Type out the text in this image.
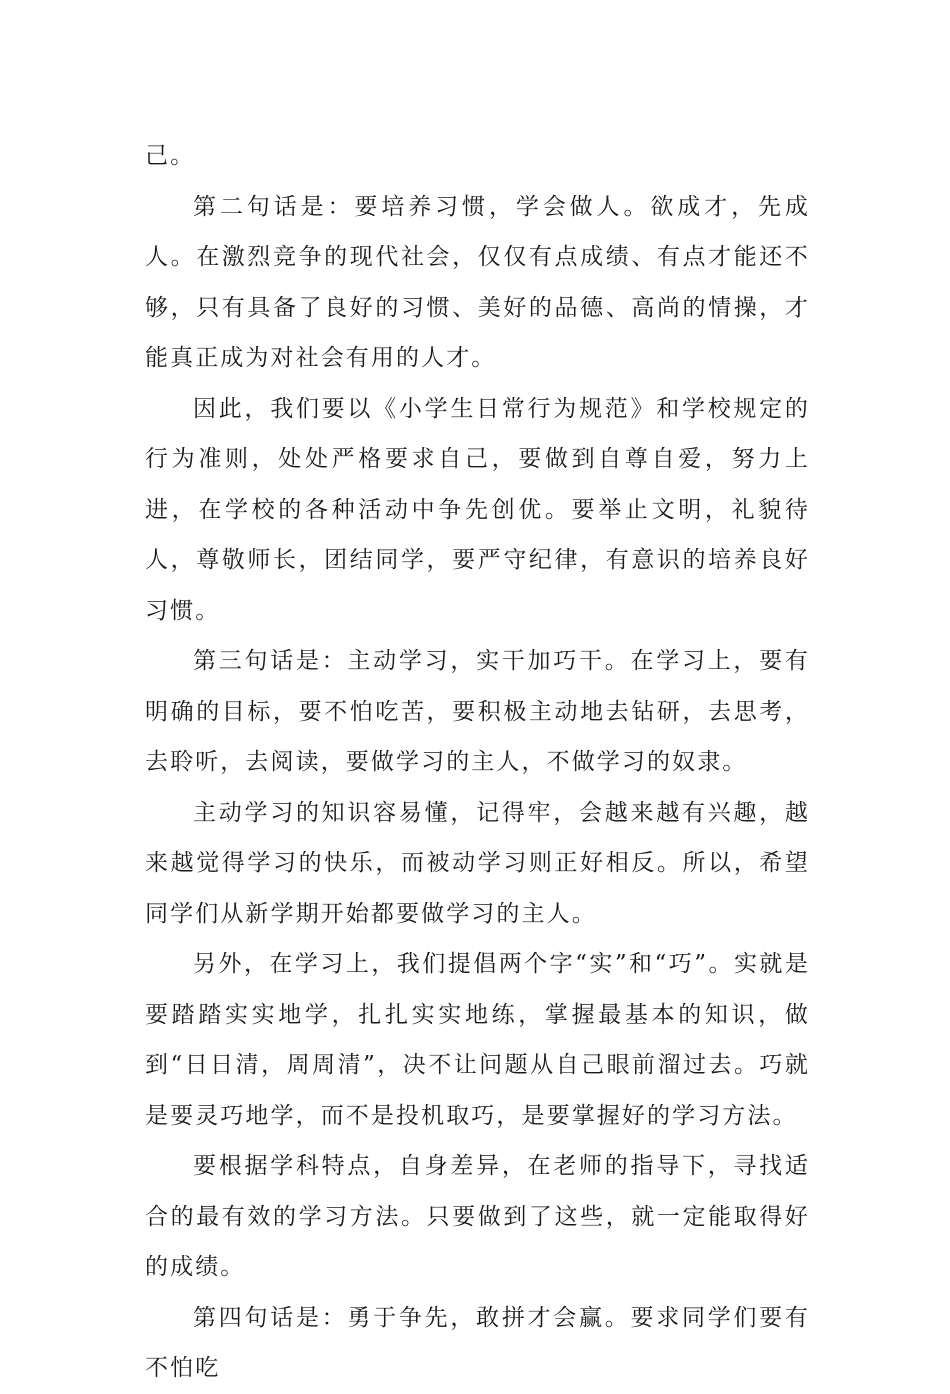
己。

第二句话是：要培养习惯，学会做人。欲成才，先成人。在激烈竞争的现代社会，仅仅有点成绩、有点才能还不够，只有具备了良好的习惯、美好的品德、高尚的情操，才能真正成为对社会有用的人才。

因此，我们要以《小学生日常行为规范》和学校规定的行为准则，处处严格要求自己，要做到自尊自爱，努力上进，在学校的各种活动中争先创优。要举止文明，礼貌待人，尊敬师长，团结同学，要严守纪律，有意识的培养良好习惯。

第三句话是：主动学习，实干加巧干。在学习上，要有明确的目标，要不怕吃苦，要积极主动地去钻研，去思考，去聆听，去阅读，要做学习的主人，不做学习的奴隶。

主动学习的知识容易懂，记得牢，会越来越有兴趣，越来越觉得学习的快乐，而被动学习则正好相反。所以，希望同学们从新学期开始都要做学习的主人。

另外，在学习上，我们提倡两个字“实”和“巧”。实就是要踏踏实实地学，扎扎实实地练，掌握最基本的知识，做到“日日清，周周清”，决不让问题从自己眼前溜过去。巧就是要灵巧地学，而不是投机取巧，是要掌握好的学习方法。

要根据学科特点，自身差异，在老师的指导下，寻找适合的最有效的学习方法。只要做到了这些，就一定能取得好的成绩。

第四句话是：勇于争先，敢拼才会赢。要求同学们要有不怕吃
